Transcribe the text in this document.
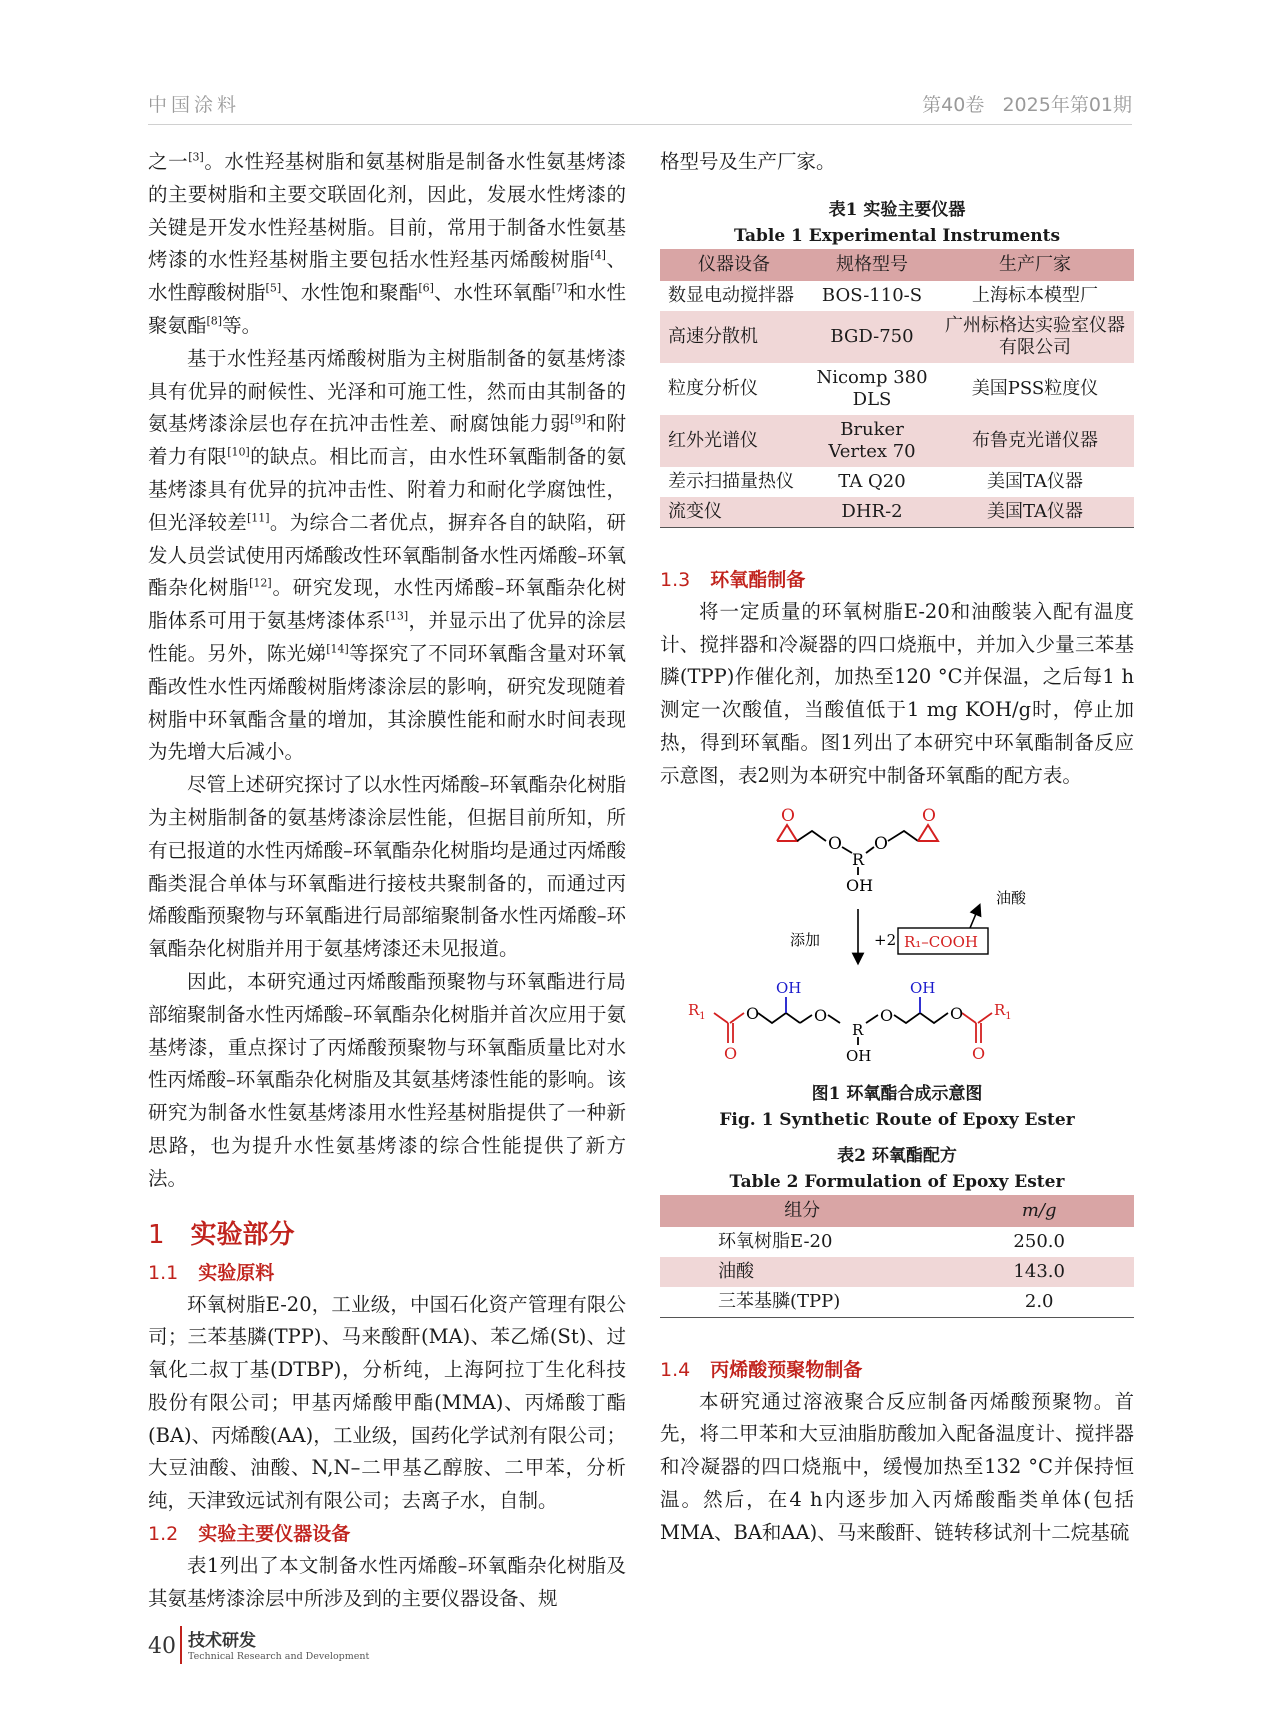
中国涂料	第40卷   2025年第01期

之一[3]。水性羟基树脂和氨基树脂是制备水性氨基烤漆的主要树脂和主要交联固化剂，因此，发展水性烤漆的关键是开发水性羟基树脂。目前，常用于制备水性氨基烤漆的水性羟基树脂主要包括水性羟基丙烯酸树脂[4]、水性醇酸树脂[5]、水性饱和聚酯[6]、水性环氧酯[7]和水性聚氨酯[8]等。

基于水性羟基丙烯酸树脂为主树脂制备的氨基烤漆具有优异的耐候性、光泽和可施工性，然而由其制备的氨基烤漆涂层也存在抗冲击性差、耐腐蚀能力弱[9]和附着力有限[10]的缺点。相比而言，由水性环氧酯制备的氨基烤漆具有优异的抗冲击性、附着力和耐化学腐蚀性，但光泽较差[11]。为综合二者优点，摒弃各自的缺陷，研发人员尝试使用丙烯酸改性环氧酯制备水性丙烯酸–环氧酯杂化树脂[12]。研究发现，水性丙烯酸–环氧酯杂化树脂体系可用于氨基烤漆体系[13]，并显示出了优异的涂层性能。另外，陈光娣[14]等探究了不同环氧酯含量对环氧酯改性水性丙烯酸树脂烤漆涂层的影响，研究发现随着树脂中环氧酯含量的增加，其涂膜性能和耐水时间表现为先增大后减小。

尽管上述研究探讨了以水性丙烯酸–环氧酯杂化树脂为主树脂制备的氨基烤漆涂层性能，但据目前所知，所有已报道的水性丙烯酸–环氧酯杂化树脂均是通过丙烯酸酯类混合单体与环氧酯进行接枝共聚制备的，而通过丙烯酸酯预聚物与环氧酯进行局部缩聚制备水性丙烯酸–环氧酯杂化树脂并用于氨基烤漆还未见报道。

因此，本研究通过丙烯酸酯预聚物与环氧酯进行局部缩聚制备水性丙烯酸–环氧酯杂化树脂并首次应用于氨基烤漆，重点探讨了丙烯酸预聚物与环氧酯质量比对水性丙烯酸–环氧酯杂化树脂及其氨基烤漆性能的影响。该研究为制备水性氨基烤漆用水性羟基树脂提供了一种新思路，也为提升水性氨基烤漆的综合性能提供了新方法。

1 实验部分
1.1 实验原料

环氧树脂E-20，工业级，中国石化资产管理有限公司；三苯基膦(TPP)、马来酸酐(MA)、苯乙烯(St)、过氧化二叔丁基(DTBP)，分析纯，上海阿拉丁生化科技股份有限公司；甲基丙烯酸甲酯(MMA)、丙烯酸丁酯(BA)、丙烯酸(AA)，工业级，国药化学试剂有限公司；大豆油酸、油酸、N,N–二甲基乙醇胺、二甲苯，分析纯，天津致远试剂有限公司；去离子水，自制。

1.2 实验主要仪器设备

表1列出了本文制备水性丙烯酸–环氧酯杂化树脂及其氨基烤漆涂层中所涉及到的主要仪器设备、规

格型号及生产厂家。

表1 实验主要仪器

Table 1 Experimental Instruments

仪器设备	规格型号	生产厂家
数显电动搅拌器	BOS-110-S	上海标本模型厂
高速分散机	BGD-750	广州标格达实验室仪器有限公司
粒度分析仪	Nicomp 380 DLS	美国PSS粒度仪
红外光谱仪	Bruker Vertex 70	布鲁克光谱仪器
差示扫描量热仪	TA Q20	美国TA仪器
流变仪	DHR-2	美国TA仪器
1.3 环氧酯制备

将一定质量的环氧树脂E-20和油酸装入配有温度计、搅拌器和冷凝器的四口烧瓶中，并加入少量三苯基膦(TPP)作催化剂，加热至120 °C并保温，之后每1 h测定一次酸值，当酸值低于1 mg KOH/g时，停止加热，得到环氧酯。图1列出了本研究中环氧酯制备反应示意图，表2则为本研究中制备环氧酯的配方表。

O
O
R
O
OH
O
添加	+2 R₁–COOH
油酸
$R_1$	O
O
OH
O
R
OH
O
OH
O
O
$R_1$

图1 环氧酯合成示意图

Fig. 1 Synthetic Route of Epoxy Ester

表2 环氧酯配方

Table 2 Formulation of Epoxy Ester

组分	m/g
环氧树脂E-20	250.0
油酸	143.0
三苯基膦(TPP)	2.0
1.4 丙烯酸预聚物制备

本研究通过溶液聚合反应制备丙烯酸预聚物。首先，将二甲苯和大豆油脂肪酸加入配备温度计、搅拌器和冷凝器的四口烧瓶中，缓慢加热至132 °C并保持恒温。然后，在4 h内逐步加入丙烯酸酯类单体(包括MMA、BA和AA)、马来酸酐、链转移试剂十二烷基硫

40 技术研发
Technical Research and Development
